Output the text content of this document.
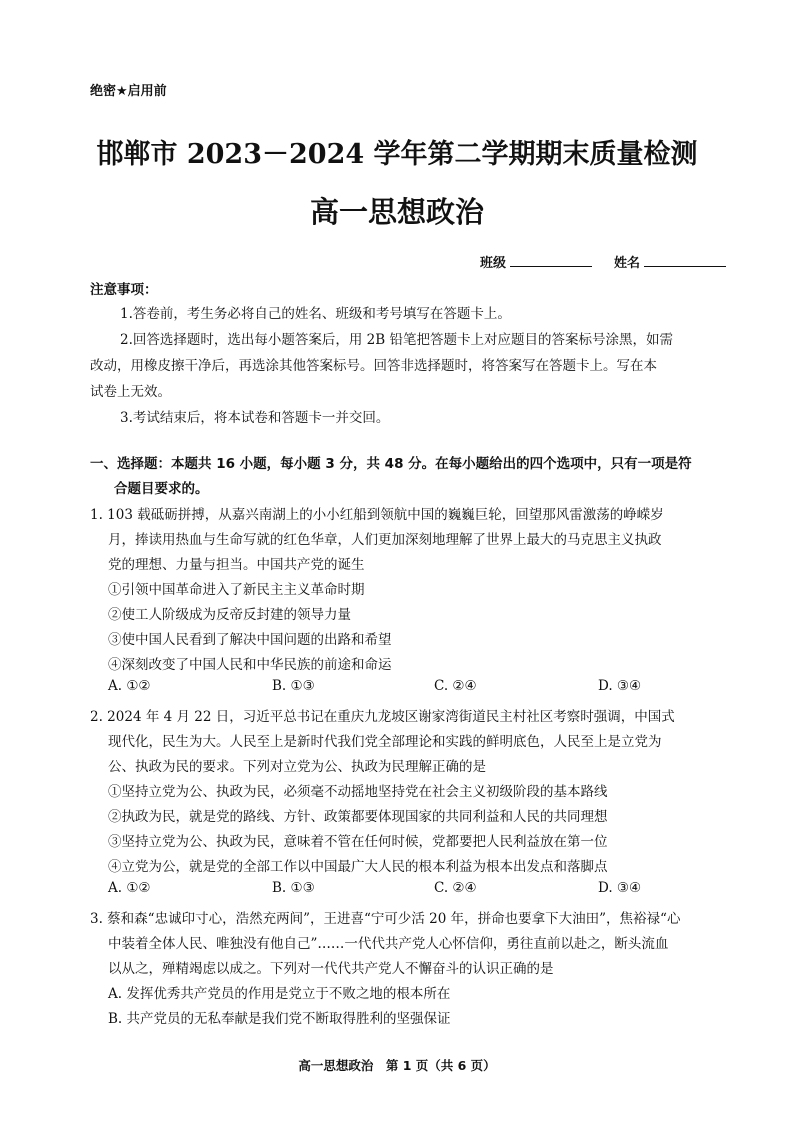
绝密★启用前
邯郸市 2023－2024 学年第二学期期末质量检测
高一思想政治
班级	姓名
注意事项：
1.答卷前，考生务必将自己的姓名、班级和考号填写在答题卡上。
2.回答选择题时，选出每小题答案后，用 2B 铅笔把答题卡上对应题目的答案标号涂黑，如需
改动，用橡皮擦干净后，再选涂其他答案标号。回答非选择题时，将答案写在答题卡上。写在本
试卷上无效。
3.考试结束后，将本试卷和答题卡一并交回。
一、选择题：本题共 16 小题，每小题 3 分，共 48 分。在每小题给出的四个选项中，只有一项是符
合题目要求的。
1. 103 载砥砺拼搏，从嘉兴南湖上的小小红船到领航中国的巍巍巨轮，回望那风雷激荡的峥嵘岁
月，捧读用热血与生命写就的红色华章，人们更加深刻地理解了世界上最大的马克思主义执政
党的理想、力量与担当。中国共产党的诞生
①引领中国革命进入了新民主主义革命时期
②使工人阶级成为反帝反封建的领导力量
③使中国人民看到了解决中国问题的出路和希望
④深刻改变了中国人民和中华民族的前途和命运
A. ①②	B. ①③	C. ②④	D. ③④
2. 2024 年 4 月 22 日，习近平总书记在重庆九龙坡区谢家湾街道民主村社区考察时强调，中国式
现代化，民生为大。人民至上是新时代我们党全部理论和实践的鲜明底色，人民至上是立党为
公、执政为民的要求。下列对立党为公、执政为民理解正确的是
①坚持立党为公、执政为民，必须毫不动摇地坚持党在社会主义初级阶段的基本路线
②执政为民，就是党的路线、方针、政策都要体现国家的共同利益和人民的共同理想
③坚持立党为公、执政为民，意味着不管在任何时候，党都要把人民利益放在第一位
④立党为公，就是党的全部工作以中国最广大人民的根本利益为根本出发点和落脚点
A. ①②	B. ①③	C. ②④	D. ③④
3. 蔡和森“忠诚印寸心，浩然充两间”，王进喜“宁可少活 20 年，拼命也要拿下大油田”，焦裕禄“心
中装着全体人民、唯独没有他自己”……一代代共产党人心怀信仰，勇往直前以赴之，断头流血
以从之，殚精竭虑以成之。下列对一代代共产党人不懈奋斗的认识正确的是
A. 发挥优秀共产党员的作用是党立于不败之地的根本所在
B. 共产党员的无私奉献是我们党不断取得胜利的坚强保证
高一思想政治　第 1 页（共 6 页）
